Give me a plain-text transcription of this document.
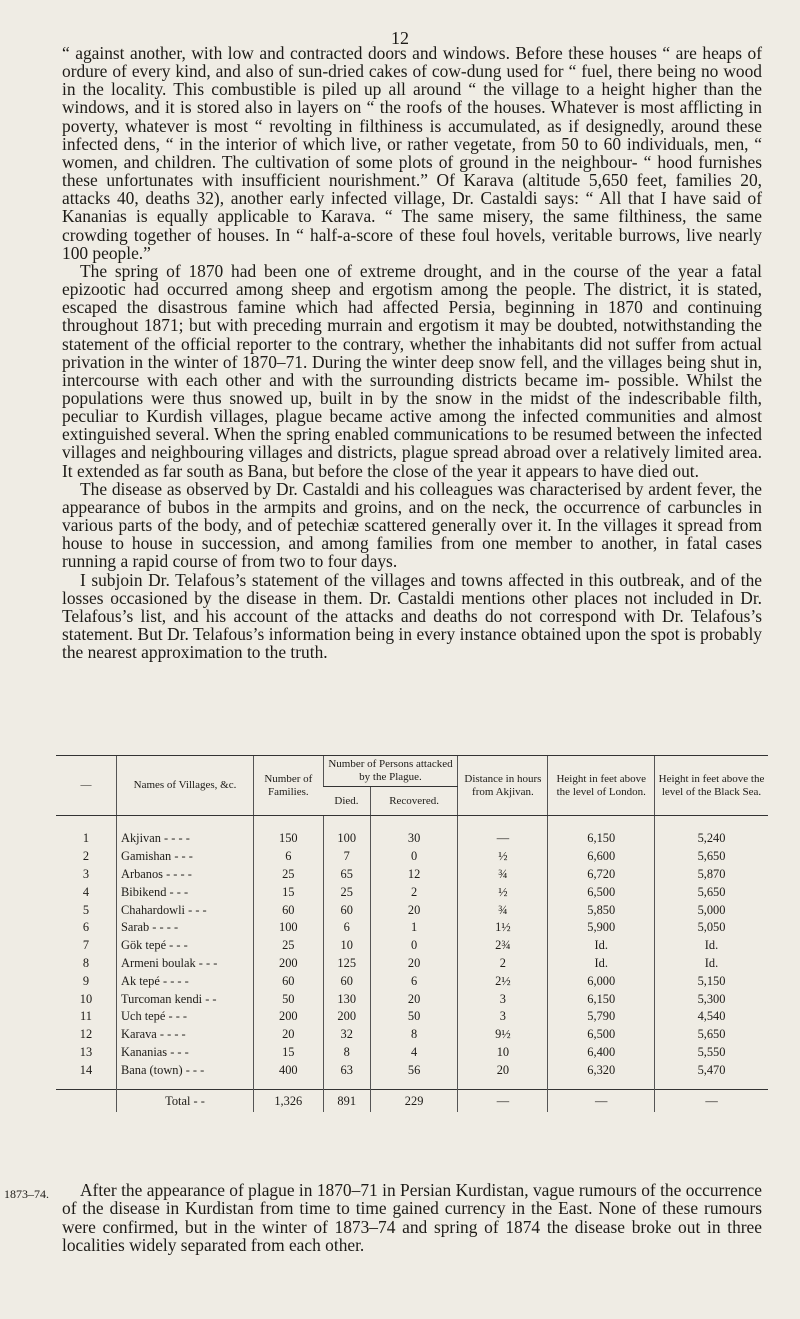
12

“ against another, with low and contracted doors and windows. Before these houses “ are heaps of ordure of every kind, and also of sun-dried cakes of cow-dung used for “ fuel, there being no wood in the locality. This combustible is piled up all around “ the village to a height higher than the windows, and it is stored also in layers on “ the roofs of the houses. Whatever is most afflicting in poverty, whatever is most “ revolting in filthiness is accumulated, as if designedly, around these infected dens, “ in the interior of which live, or rather vegetate, from 50 to 60 individuals, men, “ women, and children. The cultivation of some plots of ground in the neighbour- “ hood furnishes these unfortunates with insufficient nourishment.” Of Karava (altitude 5,650 feet, families 20, attacks 40, deaths 32), another early infected village, Dr. Castaldi says: “ All that I have said of Kananias is equally applicable to Karava. “ The same misery, the same filthiness, the same crowding together of houses. In “ half-a-score of these foul hovels, veritable burrows, live nearly 100 people.”

The spring of 1870 had been one of extreme drought, and in the course of the year a fatal epizootic had occurred among sheep and ergotism among the people. The district, it is stated, escaped the disastrous famine which had affected Persia, beginning in 1870 and continuing throughout 1871; but with preceding murrain and ergotism it may be doubted, notwithstanding the statement of the official reporter to the contrary, whether the inhabitants did not suffer from actual privation in the winter of 1870–71. During the winter deep snow fell, and the villages being shut in, intercourse with each other and with the surrounding districts became im- possible. Whilst the populations were thus snowed up, built in by the snow in the midst of the indescribable filth, peculiar to Kurdish villages, plague became active among the infected communities and almost extinguished several. When the spring enabled communications to be resumed between the infected villages and neighbouring villages and districts, plague spread abroad over a relatively limited area. It extended as far south as Bana, but before the close of the year it appears to have died out.

The disease as observed by Dr. Castaldi and his colleagues was characterised by ardent fever, the appearance of bubos in the armpits and groins, and on the neck, the occurrence of carbuncles in various parts of the body, and of petechiæ scattered generally over it. In the villages it spread from house to house in succession, and among families from one member to another, in fatal cases running a rapid course of from two to four days.

I subjoin Dr. Telafous’s statement of the villages and towns affected in this outbreak, and of the losses occasioned by the disease in them. Dr. Castaldi mentions other places not included in Dr. Telafous’s list, and his account of the attacks and deaths do not correspond with Dr. Telafous’s statement. But Dr. Telafous’s information being in every instance obtained upon the spot is probably the nearest approximation to the truth.

—	Names of Villages, &c.	Number of Families.	Number of Persons attacked by the Plague.		Distance in hours from Akjivan.	Height in feet above the level of London.	Height in feet above the level of the Black Sea.
			Died.	Recovered.			
1	Akjivan - - - -	150	100	30	—	6,150	5,240
2	Gamishan - - -	6	7	0	½	6,600	5,650
3	Arbanos - - - -	25	65	12	¾	6,720	5,870
4	Bibikend - - -	15	25	2	½	6,500	5,650
5	Chahardowli - - -	60	60	20	¾	5,850	5,000
6	Sarab - - - -	100	6	1	1½	5,900	5,050
7	Gök tepé - - -	25	10	0	2¾	Id.	Id.
8	Armeni boulak - - -	200	125	20	2	Id.	Id.
9	Ak tepé - - - -	60	60	6	2½	6,000	5,150
10	Turcoman kendi - -	50	130	20	3	6,150	5,300
11	Uch tepé - - -	200	200	50	3	5,790	4,540
12	Karava - - - -	20	32	8	9½	6,500	5,650
13	Kananias - - -	15	8	4	10	6,400	5,550
14	Bana (town) - - -	400	63	56	20	6,320	5,470
	Total - -	1,326	891	229	—	—	—
1873–74.	After the appearance of plague in 1870–71 in Persian Kurdistan, vague rumours of the occurrence of the disease in Kurdistan from time to time gained currency in the East. None of these rumours were confirmed, but in the winter of 1873–74 and spring of 1874 the disease broke out in three localities widely separated from each other.
